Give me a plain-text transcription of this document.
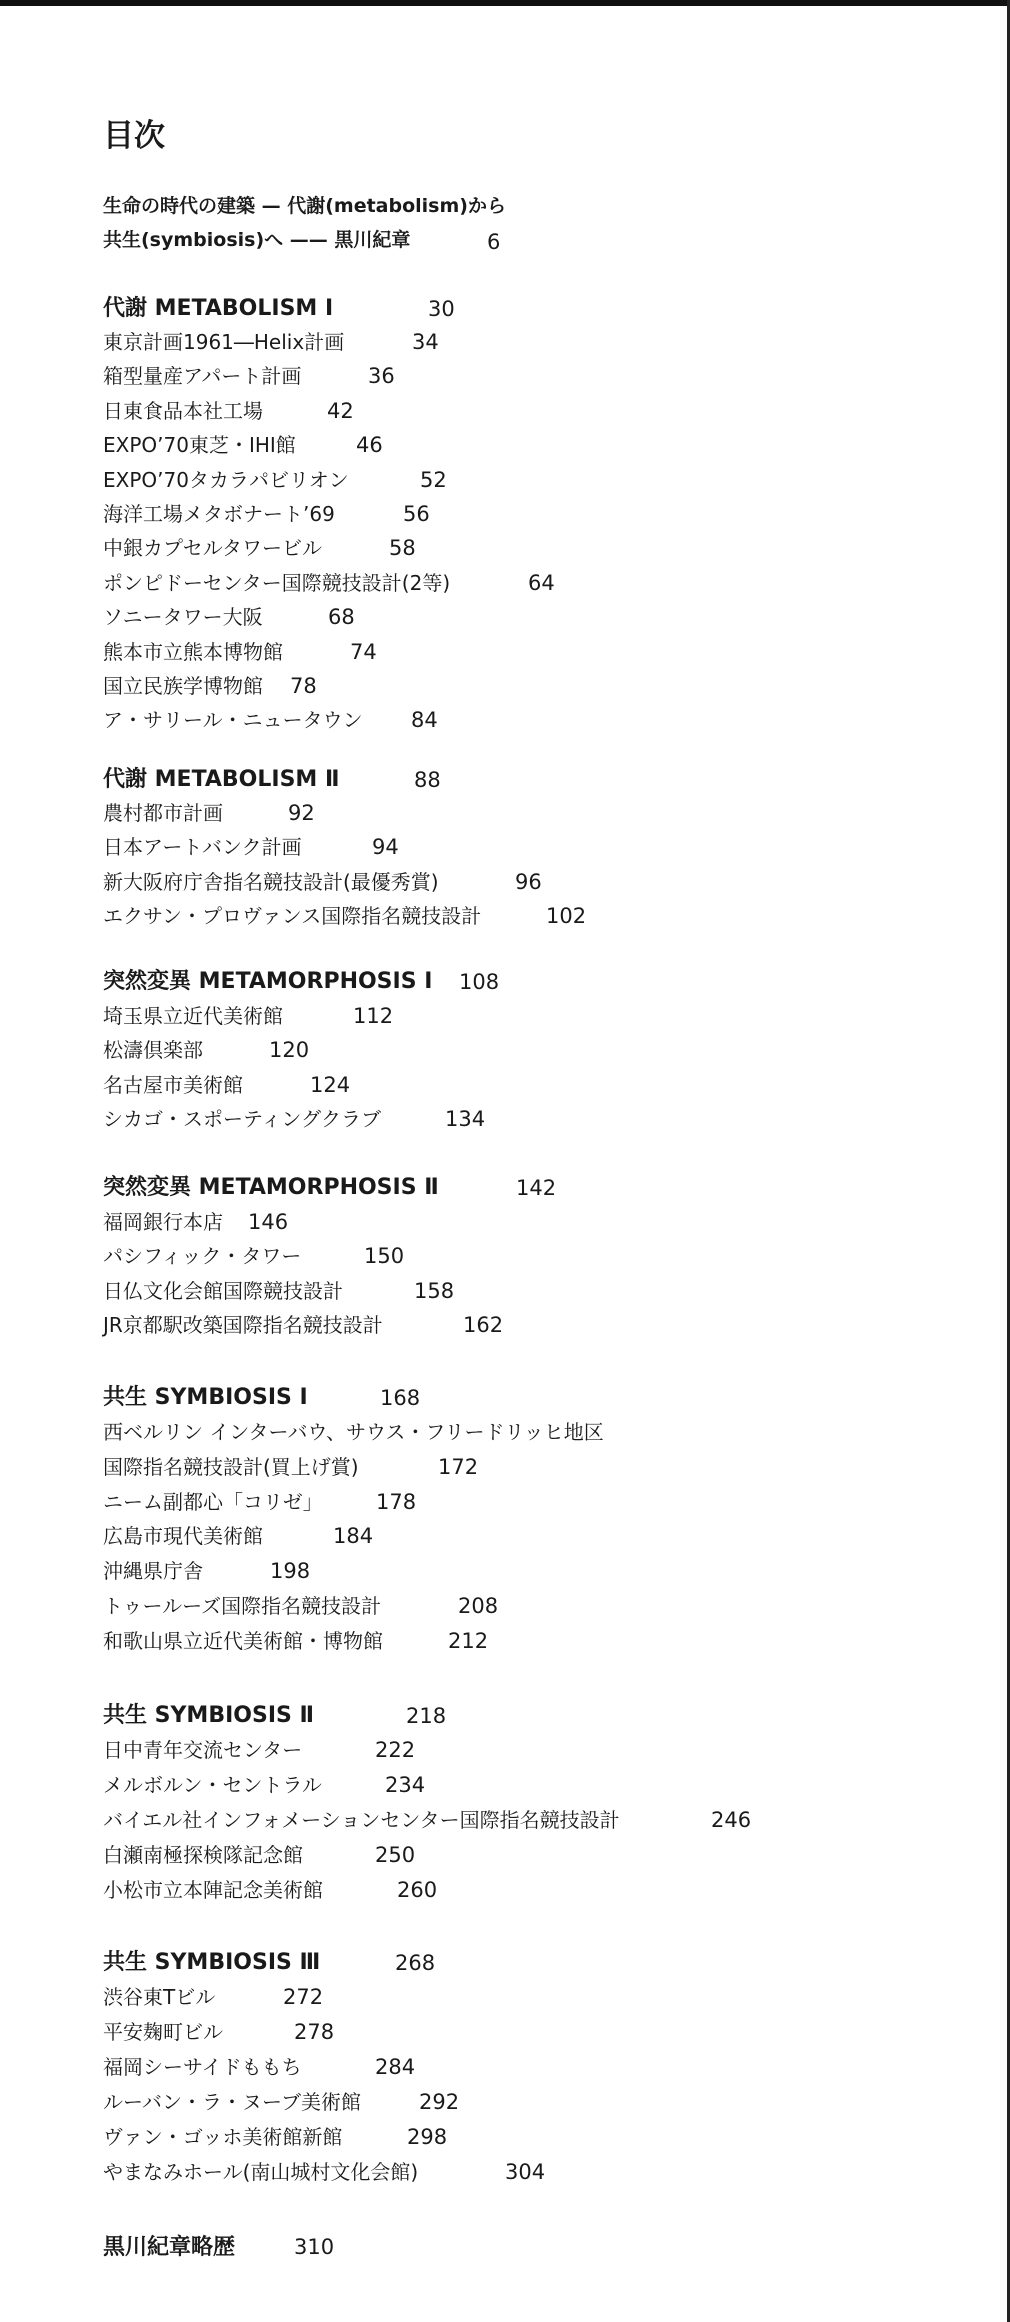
目次
生命の時代の建築 — 代謝(metabolism)から
共生(symbiosis)へ —— 黒川紀章	6
代謝 METABOLISM Ⅰ	30
東京計画1961―Helix計画	34
箱型量産アパート計画	36
日東食品本社工場	42
EXPO’70東芝・IHI館	46
EXPO’70タカラパビリオン	52
海洋工場メタボナート’69	56
中銀カプセルタワービル	58
ポンピドーセンター国際競技設計(2等)	64
ソニータワー大阪	68
熊本市立熊本博物館	74
国立民族学博物館 78
ア・サリール・ニュータウン 84
代謝 METABOLISM Ⅱ	88
農村都市計画	92
日本アートバンク計画	94
新大阪府庁舎指名競技設計(最優秀賞)	96
エクサン・プロヴァンス国際指名競技設計	102
突然変異 METAMORPHOSIS Ⅰ 108
埼玉県立近代美術館	112
松濤倶楽部	120
名古屋市美術館	124
シカゴ・スポーティングクラブ	134
突然変異 METAMORPHOSIS Ⅱ	142
福岡銀行本店 146
パシフィック・タワー	150
日仏文化会館国際競技設計	158
JR京都駅改築国際指名競技設計	162
共生 SYMBIOSIS Ⅰ	168
西ベルリン インターバウ、サウス・フリードリッヒ地区
国際指名競技設計(買上げ賞)	172
ニーム副都心「コリゼ」	178
広島市現代美術館	184
沖縄県庁舎	198
トゥールーズ国際指名競技設計	208
和歌山県立近代美術館・博物館	212
共生 SYMBIOSIS Ⅱ	218
日中青年交流センター	222
メルボルン・セントラル	234
バイエル社インフォメーションセンター国際指名競技設計	246
白瀬南極探検隊記念館	250
小松市立本陣記念美術館	260
共生 SYMBIOSIS Ⅲ	268
渋谷東Tビル	272
平安麹町ビル	278
福岡シーサイドももち	284
ルーバン・ラ・ヌーブ美術館	292
ヴァン・ゴッホ美術館新館	298
やまなみホール(南山城村文化会館)	304
黒川紀章略歴	310
